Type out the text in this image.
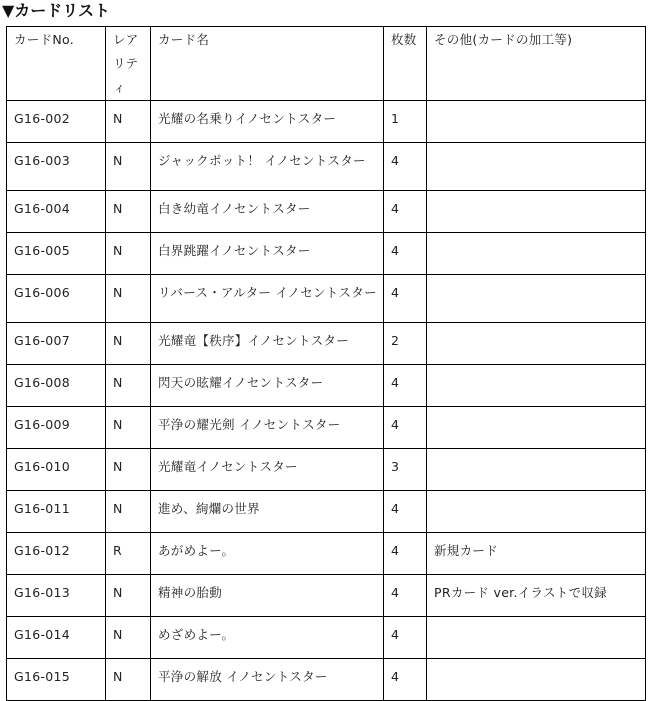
▼カードリスト
カードNo.	レアリティ	カード名	枚数	その他(カードの加工等)
G16-002	N	光耀の名乗りイノセントスター	1	
G16-003	N	ジャックポット！ イノセントスター	4	
G16-004	N	白き幼竜イノセントスター	4	
G16-005	N	白界跳躍イノセントスター	4	
G16-006	N	リバース・アルター イノセントスター	4	
G16-007	N	光耀竜【秩序】イノセントスター	2	
G16-008	N	閃天の眩耀イノセントスター	4	
G16-009	N	平浄の耀光剣 イノセントスター	4	
G16-010	N	光耀竜イノセントスター	3	
G16-011	N	進め、絢爛の世界	4	
G16-012	R	あがめよー。	4	新規カード
G16-013	N	精神の胎動	4	PRカード ver.イラストで収録
G16-014	N	めざめよー。	4	
G16-015	N	平浄の解放 イノセントスター	4	
